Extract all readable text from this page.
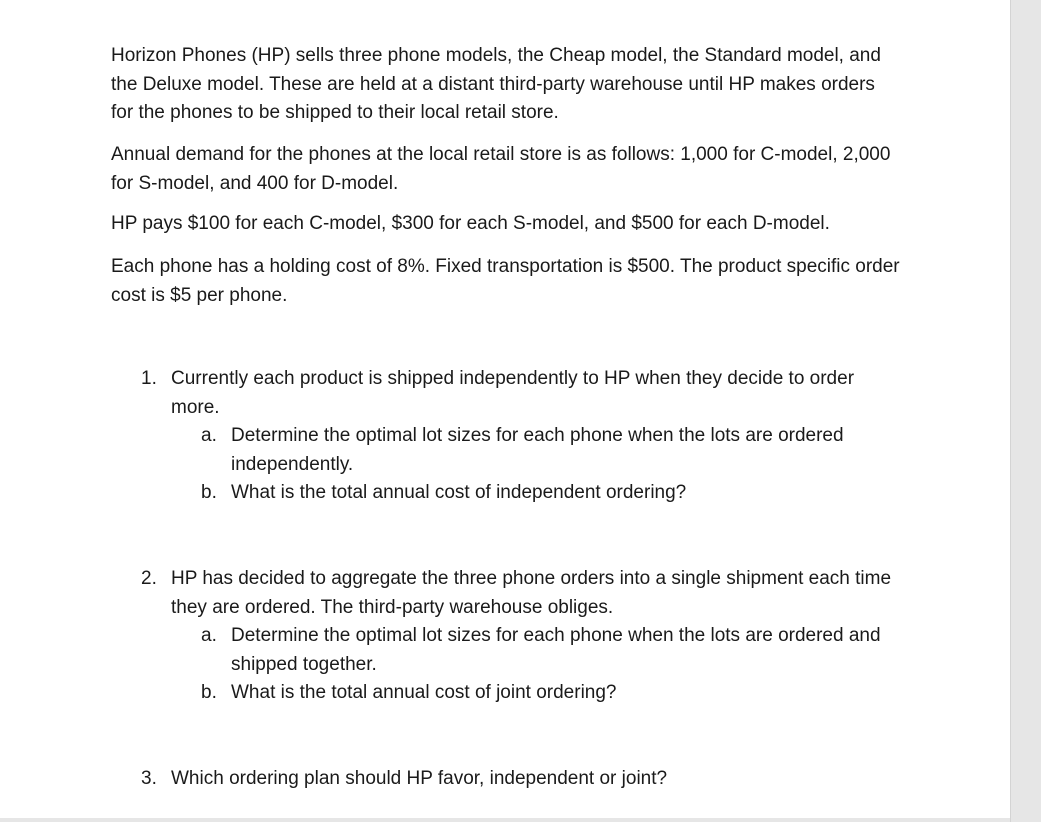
Horizon Phones (HP) sells three phone models, the Cheap model, the Standard model, and the Deluxe model. These are held at a distant third-party warehouse until HP makes orders for the phones to be shipped to their local retail store.

Annual demand for the phones at the local retail store is as follows: 1,000 for C-model, 2,000 for S-model, and 400 for D-model.

HP pays $100 for each C-model, $300 for each S-model, and $500 for each D-model.

Each phone has a holding cost of 8%. Fixed transportation is $500. The product specific order cost is $5 per phone.

1. Currently each product is shipped independently to HP when they decide to order more.
a. Determine the optimal lot sizes for each phone when the lots are ordered independently.
b. What is the total annual cost of independent ordering?
2. HP has decided to aggregate the three phone orders into a single shipment each time they are ordered. The third-party warehouse obliges.
a. Determine the optimal lot sizes for each phone when the lots are ordered and shipped together.
b. What is the total annual cost of joint ordering?
3. Which ordering plan should HP favor, independent or joint?
